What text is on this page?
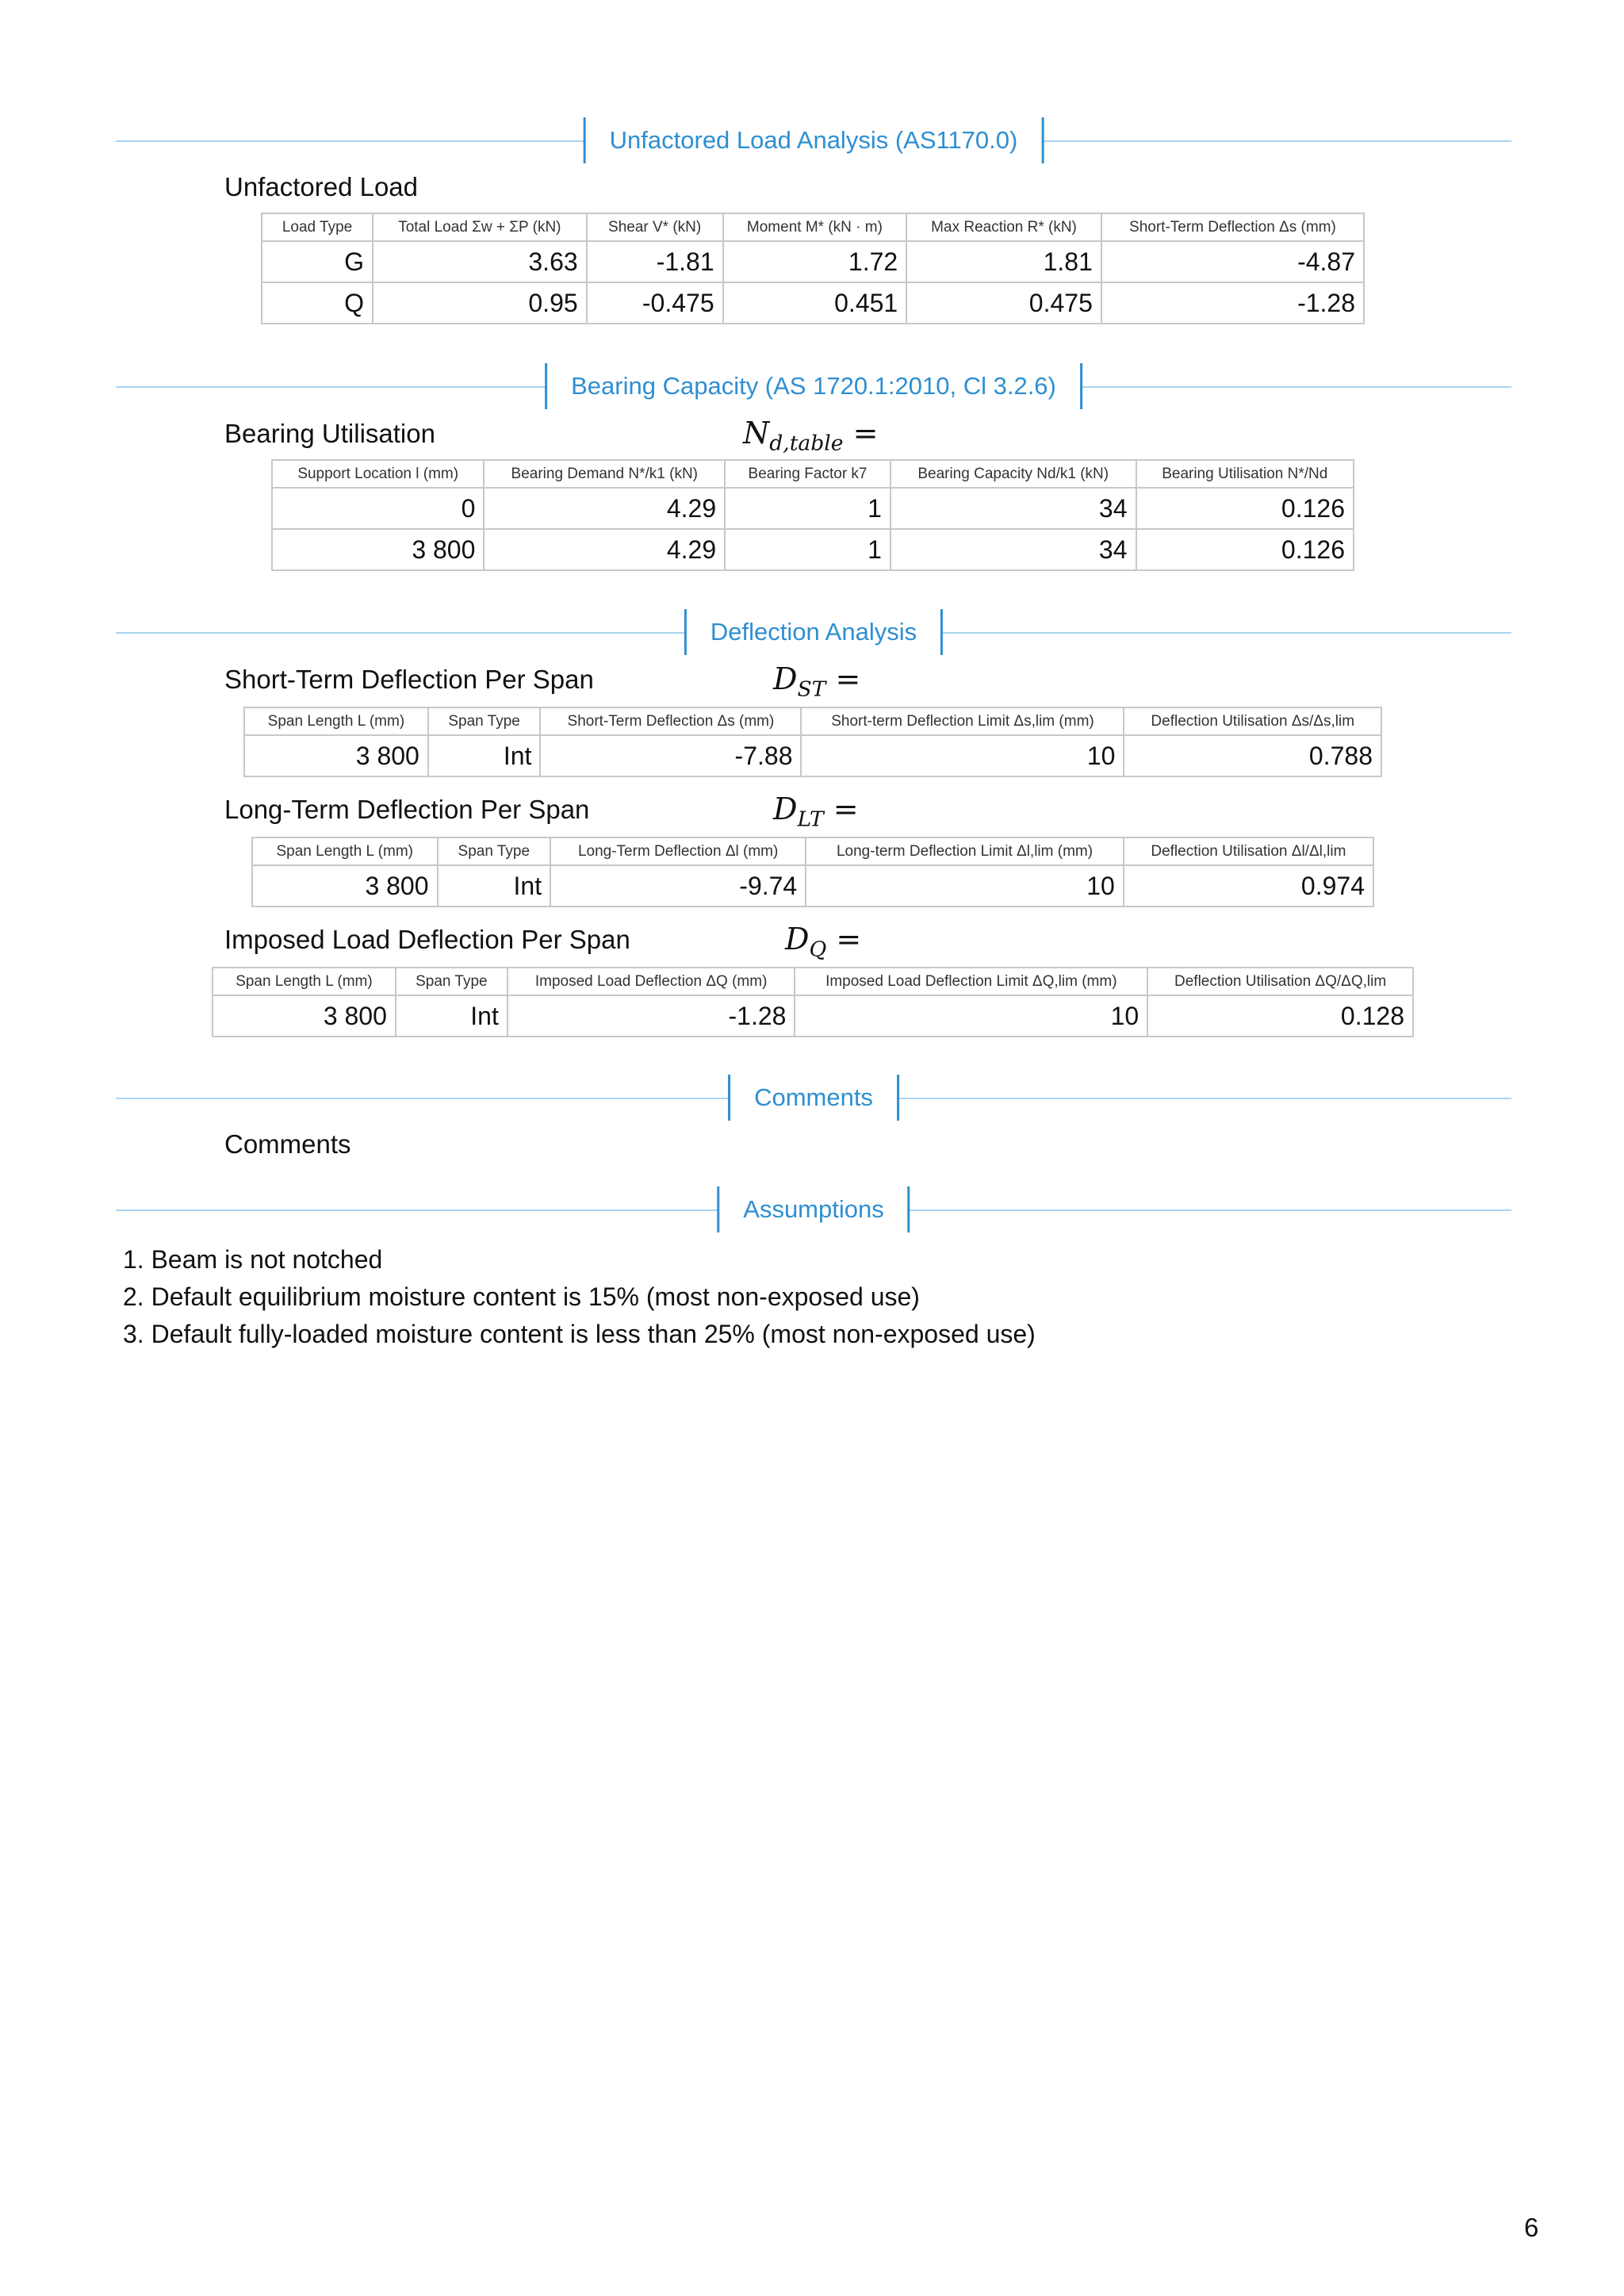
Unfactored Load Analysis (AS1170.0)
Unfactored Load
Load Type	Total Load Σw + ΣP (kN)	Shear V* (kN)	Moment M* (kN · m)	Max Reaction R* (kN)	Short-Term Deflection Δs (mm)
G	3.63	-1.81	1.72	1.81	-4.87
Q	0.95	-0.475	0.451	0.475	-1.28
Bearing Capacity (AS 1720.1:2010, Cl 3.2.6)
Bearing Utilisation	$N_{d,table}$ =
Support Location l (mm)	Bearing Demand N*/k1 (kN)	Bearing Factor k7	Bearing Capacity Nd/k1 (kN)	Bearing Utilisation N*/Nd
0	4.29	1	34	0.126
3 800	4.29	1	34	0.126
Deflection Analysis
Short-Term Deflection Per Span	$D_{ST}$ =
Span Length L (mm)	Span Type	Short-Term Deflection Δs (mm)	Short-term Deflection Limit Δs,lim (mm)	Deflection Utilisation Δs/Δs,lim
3 800	Int	-7.88	10	0.788
Long-Term Deflection Per Span	$D_{LT}$ =
Span Length L (mm)	Span Type	Long-Term Deflection Δl (mm)	Long-term Deflection Limit Δl,lim (mm)	Deflection Utilisation Δl/Δl,lim
3 800	Int	-9.74	10	0.974
Imposed Load Deflection Per Span	$D_Q$ =
Span Length L (mm)	Span Type	Imposed Load Deflection ΔQ (mm)	Imposed Load Deflection Limit ΔQ,lim (mm)	Deflection Utilisation ΔQ/ΔQ,lim
3 800	Int	-1.28	10	0.128
Comments
Comments
Assumptions
1. Beam is not notched
2. Default equilibrium moisture content is 15% (most non-exposed use)
3. Default fully-loaded moisture content is less than 25% (most non-exposed use)
6
